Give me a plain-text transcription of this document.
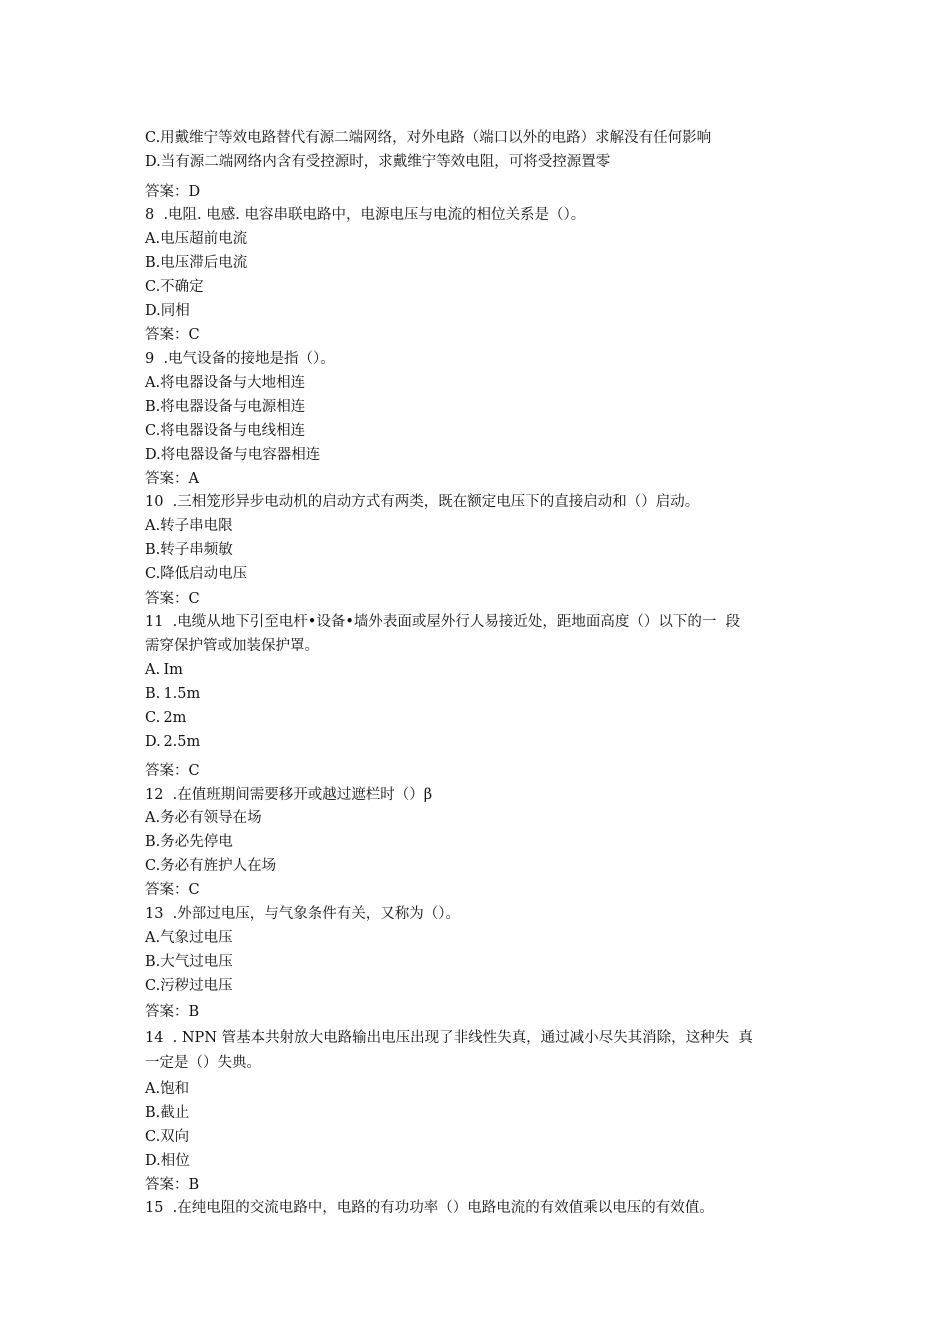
C.用戴维宁等效电路替代有源二端网络，对外电路（端口以外的电路）求解没有任何影响
D.当有源二端网络内含有受控源时，求戴维宁等效电阻，可将受控源置零
答案：D
8	.电阻. 电感. 电容串联电路中，电源电压与电流的相位关系是（）。
A.电压超前电流
B.电压滞后电流
C.不确定
D.同相
答案：C
9	.电气设备的接地是指（）。
A.将电器设备与大地相连
B.将电器设备与电源相连
C.将电器设备与电线相连
D.将电器设备与电容器相连
答案：A
10	.三相笼形异步电动机的启动方式有两类，既在额定电压下的直接启动和（）启动。
A.转子串电限
B.转子串频敏
C.降低启动电压
答案：C
11	.电缆从地下引至电杆•设备•墙外表面或屋外行人易接近处，距地面高度（）以下的一  段
需穿保护管或加装保护罩。
A.	Im
B.	1.5m
C.	2m
D.	2.5m
答案：C
12	.在值班期间需要移开或越过遮栏时（）β
A.务必有领导在场
B.务必先停电
C.务必有旌护人在场
答案：C
13	.外部过电压，与气象条件有关，又称为（）。
A.气象过电压
B.大气过电压
C.污秽过电压
答案：B
14	. NPN 管基本共射放大电路输出电压出现了非线性失真，通过减小尽失其消除，这种失  真
一定是（）失典。
A.饱和
B.截止
C.双向
D.相位
答案：B
15	.在纯电阻的交流电路中，电路的有功功率（）电路电流的有效值乘以电压的有效值。
